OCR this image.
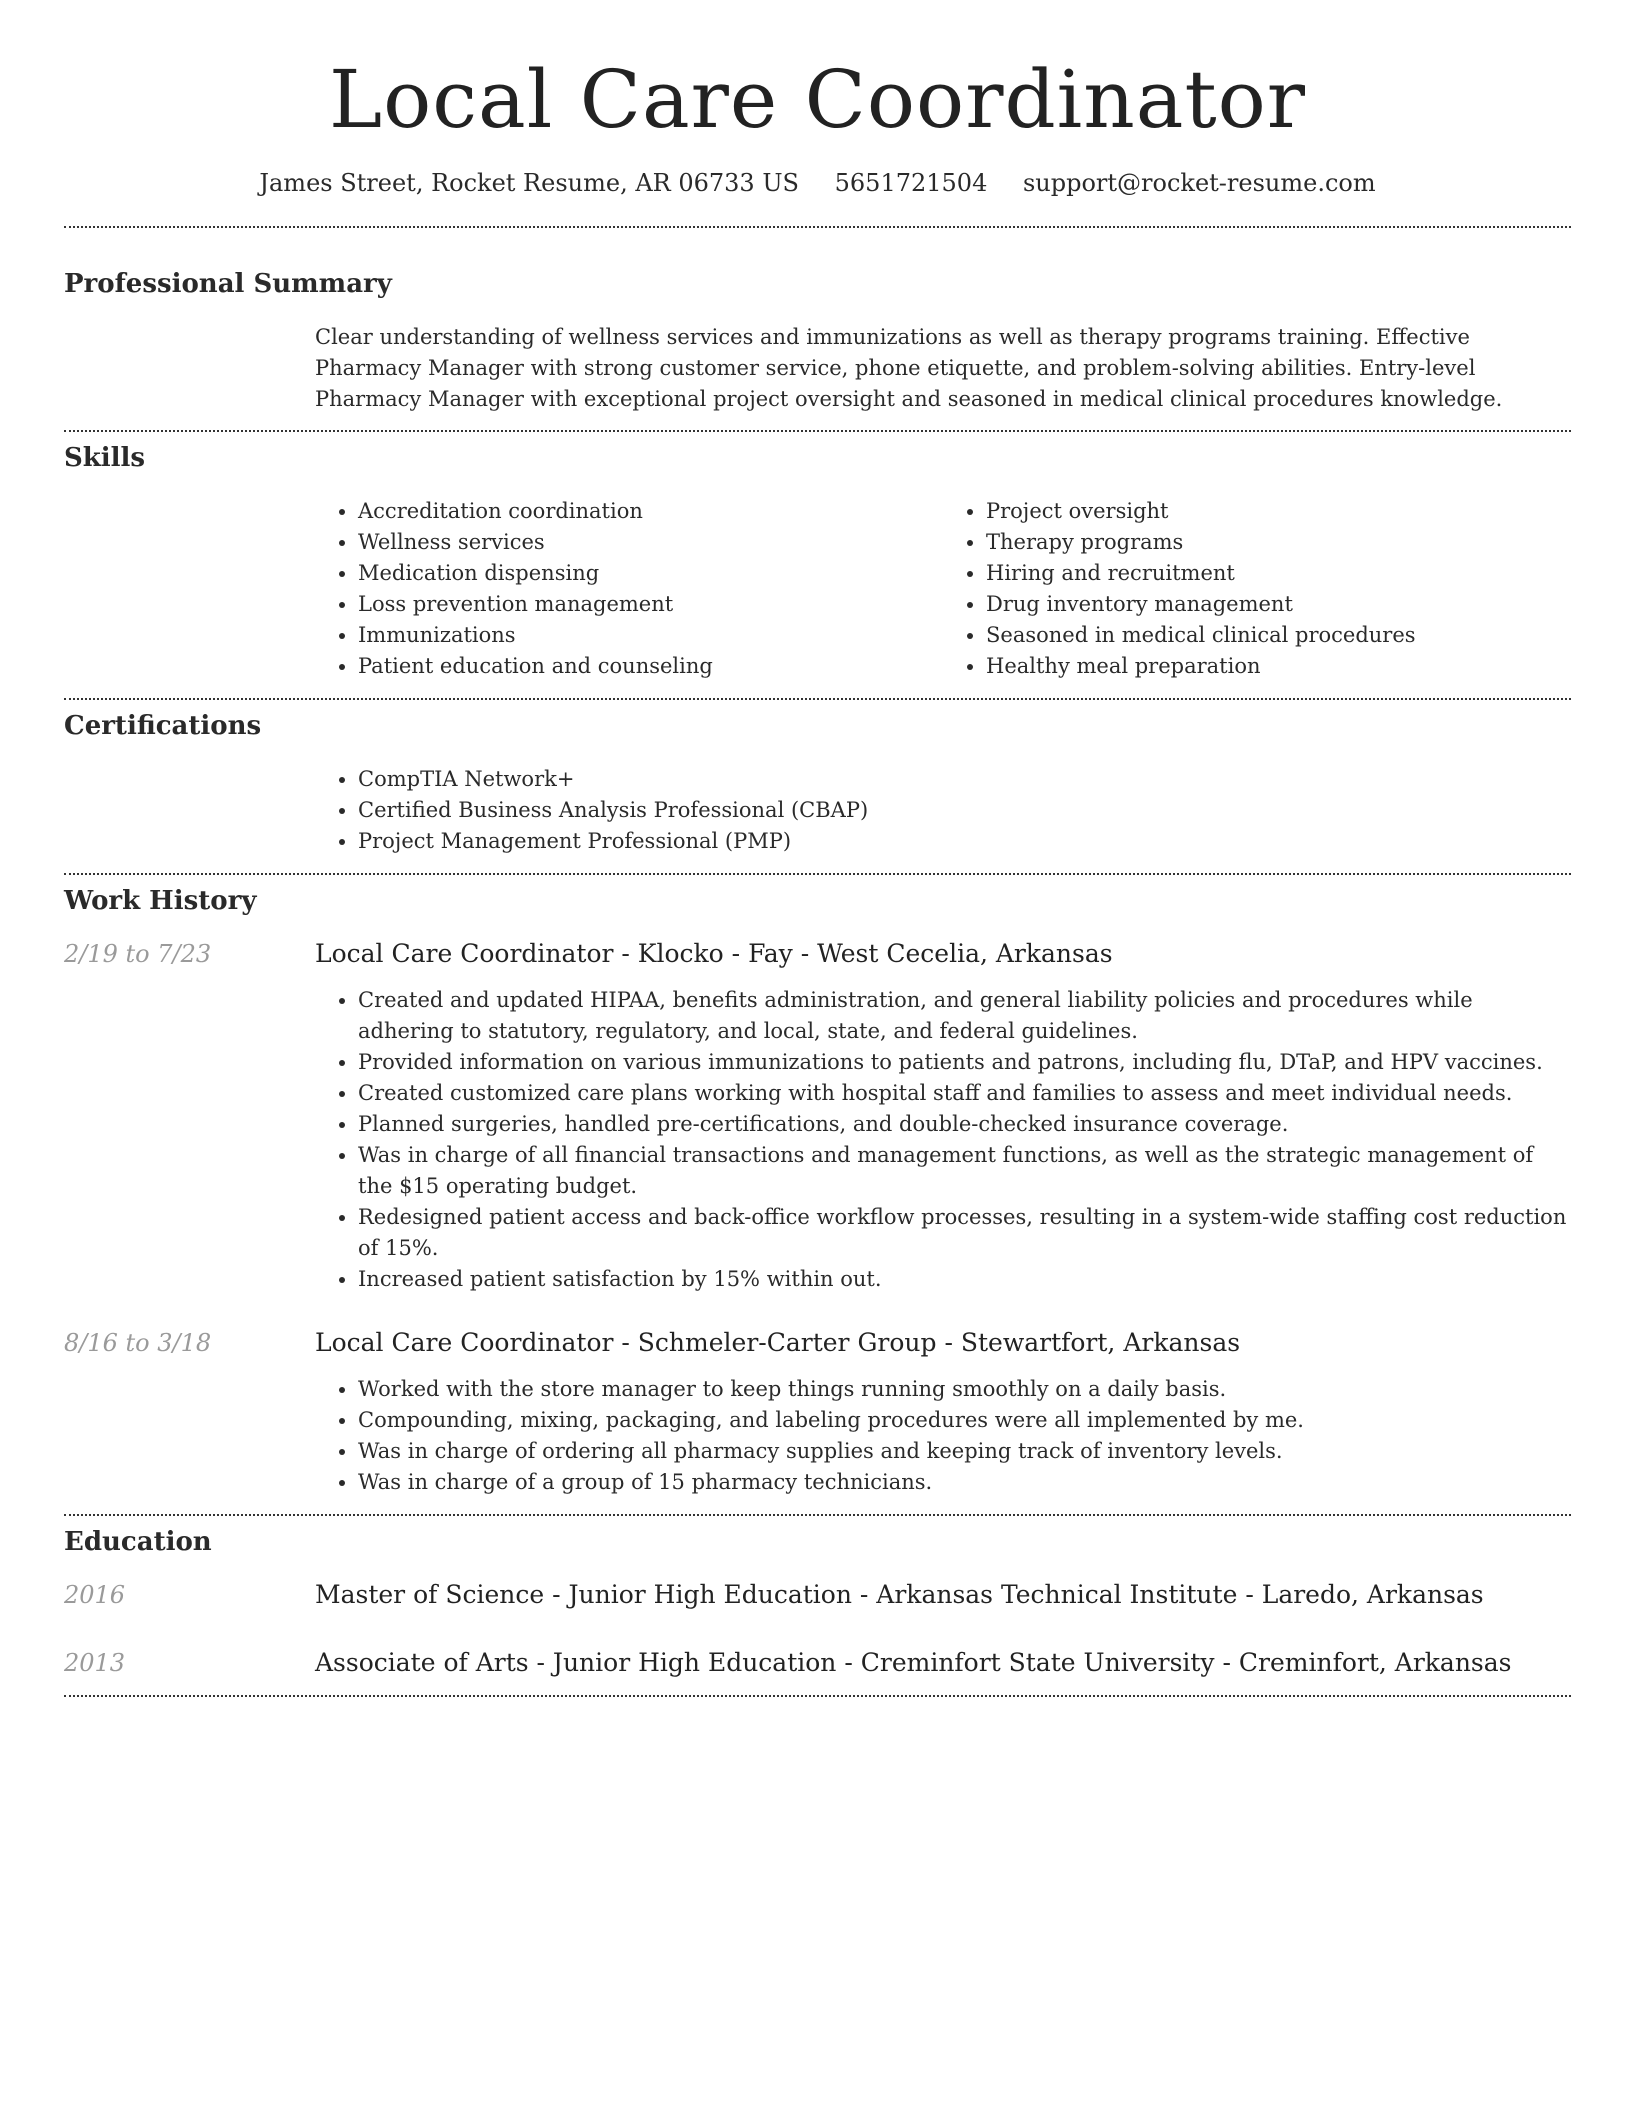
Local Care Coordinator
James Street, Rocket Resume, AR 06733 US 5651721504 support@rocket-resume.com
Professional Summary

Clear understanding of wellness services and immunizations as well as therapy programs training. Effective Pharmacy Manager with strong customer service, phone etiquette, and problem-solving abilities. Entry-level Pharmacy Manager with exceptional project oversight and seasoned in medical clinical procedures knowledge.

Skills
• Accreditation coordination
• Wellness services
• Medication dispensing
• Loss prevention management
• Immunizations
• Patient education and counseling
• Project oversight
• Therapy programs
• Hiring and recruitment
• Drug inventory management
• Seasoned in medical clinical procedures
• Healthy meal preparation
Certifications
• CompTIA Network+
• Certified Business Analysis Professional (CBAP)
• Project Management Professional (PMP)
Work History
2/19 to 7/23	Local Care Coordinator - Klocko - Fay - West Cecelia, Arkansas
• Created and updated HIPAA, benefits administration, and general liability policies and procedures while adhering to statutory, regulatory, and local, state, and federal guidelines.
• Provided information on various immunizations to patients and patrons, including flu, DTaP, and HPV vaccines.
• Created customized care plans working with hospital staff and families to assess and meet individual needs.
• Planned surgeries, handled pre-certifications, and double-checked insurance coverage.
• Was in charge of all financial transactions and management functions, as well as the strategic management of the $15 operating budget.
• Redesigned patient access and back-office workflow processes, resulting in a system-wide staffing cost reduction of 15%.
• Increased patient satisfaction by 15% within out.
8/16 to 3/18	Local Care Coordinator - Schmeler-Carter Group - Stewartfort, Arkansas
• Worked with the store manager to keep things running smoothly on a daily basis.
• Compounding, mixing, packaging, and labeling procedures were all implemented by me.
• Was in charge of ordering all pharmacy supplies and keeping track of inventory levels.
• Was in charge of a group of 15 pharmacy technicians.
Education
2016	Master of Science - Junior High Education - Arkansas Technical Institute - Laredo, Arkansas
2013	Associate of Arts - Junior High Education - Creminfort State University - Creminfort, Arkansas
